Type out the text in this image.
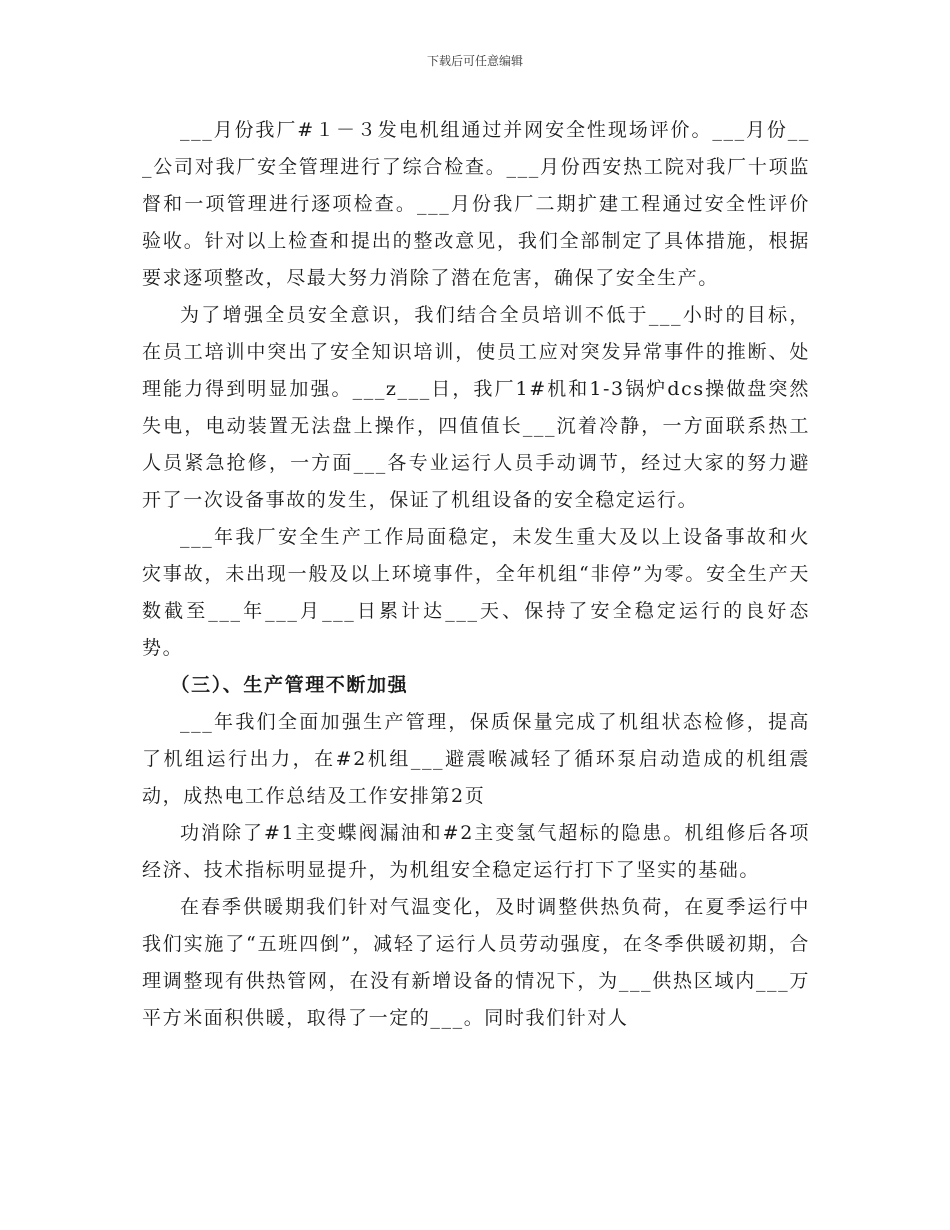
下载后可任意编辑

___月份我厂#１－３发电机组通过并网安全性现场评价。___月份___公司对我厂安全管理进行了综合检查。___月份西安热工院对我厂十项监督和一项管理进行逐项检查。___月份我厂二期扩建工程通过安全性评价验收。针对以上检查和提出的整改意见，我们全部制定了具体措施，根据要求逐项整改，尽最大努力消除了潜在危害，确保了安全生产。

为了增强全员安全意识，我们结合全员培训不低于___小时的目标，在员工培训中突出了安全知识培训，使员工应对突发异常事件的推断、处理能力得到明显加强。___z___日，我厂1#机和1-3锅炉dcs操做盘突然失电，电动装置无法盘上操作，四值值长___沉着冷静，一方面联系热工人员紧急抢修，一方面___各专业运行人员手动调节，经过大家的努力避开了一次设备事故的发生，保证了机组设备的安全稳定运行。

___年我厂安全生产工作局面稳定，未发生重大及以上设备事故和火灾事故，未出现一般及以上环境事件，全年机组“非停”为零。安全生产天数截至___年___月___日累计达___天、保持了安全稳定运行的良好态势。

（三）、生产管理不断加强

___年我们全面加强生产管理，保质保量完成了机组状态检修，提高了机组运行出力，在#2机组___避震喉减轻了循环泵启动造成的机组震动，成热电工作总结及工作安排第2页

功消除了#1主变蝶阀漏油和#2主变氢气超标的隐患。机组修后各项经济、技术指标明显提升，为机组安全稳定运行打下了坚实的基础。

在春季供暖期我们针对气温变化，及时调整供热负荷，在夏季运行中我们实施了“五班四倒”，减轻了运行人员劳动强度，在冬季供暖初期，合理调整现有供热管网，在没有新增设备的情况下，为___供热区域内___万平方米面积供暖，取得了一定的___。同时我们针对人
